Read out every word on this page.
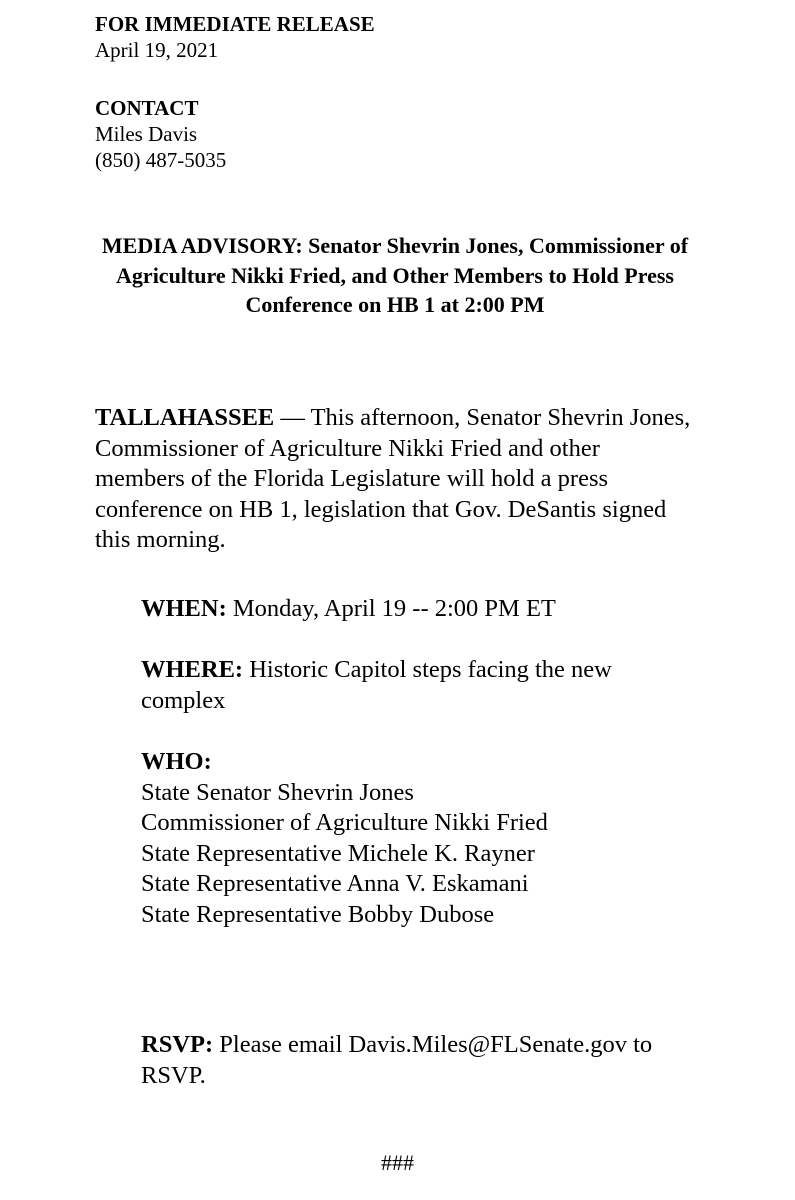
FOR IMMEDIATE RELEASE
April 19, 2021
CONTACT
Miles Davis
(850) 487-5035
MEDIA ADVISORY: Senator Shevrin Jones, Commissioner of Agriculture Nikki Fried, and Other Members to Hold Press Conference on HB 1 at 2:00 PM
TALLAHASSEE — This afternoon, Senator Shevrin Jones, Commissioner of Agriculture Nikki Fried and other members of the Florida Legislature will hold a press conference on HB 1, legislation that Gov. DeSantis signed this morning.
WHEN: Monday, April 19 -- 2:00 PM ET
WHERE: Historic Capitol steps facing the new complex
WHO:
State Senator Shevrin Jones
Commissioner of Agriculture Nikki Fried
State Representative Michele K. Rayner
State Representative Anna V. Eskamani
State Representative Bobby Dubose
RSVP: Please email Davis.Miles@FLSenate.gov to RSVP.
###
